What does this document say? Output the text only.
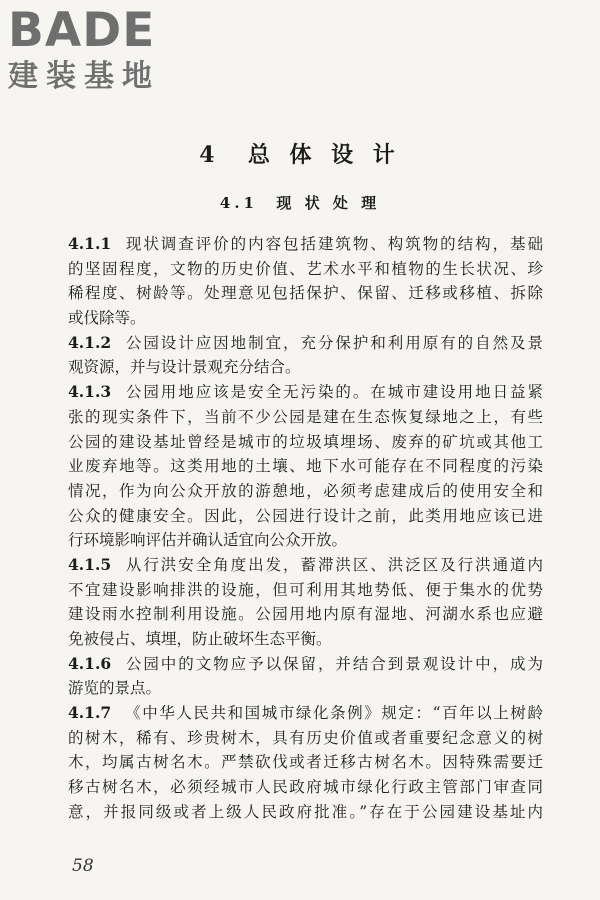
BADE
建装基地
4  总 体 设 计
4.1  现 状 处 理
4.1.1  现状调查评价的内容包括建筑物、构筑物的结构，基础
的坚固程度，文物的历史价值、艺术水平和植物的生长状况、珍
稀程度、树龄等。处理意见包括保护、保留、迁移或移植、拆除
或伐除等。
4.1.2  公园设计应因地制宜，充分保护和利用原有的自然及景
观资源，并与设计景观充分结合。
4.1.3  公园用地应该是安全无污染的。在城市建设用地日益紧
张的现实条件下，当前不少公园是建在生态恢复绿地之上，有些
公园的建设基址曾经是城市的垃圾填埋场、废弃的矿坑或其他工
业废弃地等。这类用地的土壤、地下水可能存在不同程度的污染
情况，作为向公众开放的游憩地，必须考虑建成后的使用安全和
公众的健康安全。因此，公园进行设计之前，此类用地应该已进
行环境影响评估并确认适宜向公众开放。
4.1.5  从行洪安全角度出发，蓄滞洪区、洪泛区及行洪通道内
不宜建设影响排洪的设施，但可利用其地势低、便于集水的优势
建设雨水控制利用设施。公园用地内原有湿地、河湖水系也应避
免被侵占、填埋，防止破坏生态平衡。
4.1.6  公园中的文物应予以保留，并结合到景观设计中，成为
游览的景点。
4.1.7  《中华人民共和国城市绿化条例》规定：“百年以上树龄
的树木，稀有、珍贵树木，具有历史价值或者重要纪念意义的树
木，均属古树名木。严禁砍伐或者迁移古树名木。因特殊需要迁
移古树名木，必须经城市人民政府城市绿化行政主管部门审查同
意，并报同级或者上级人民政府批准。”存在于公园建设基址内
58
